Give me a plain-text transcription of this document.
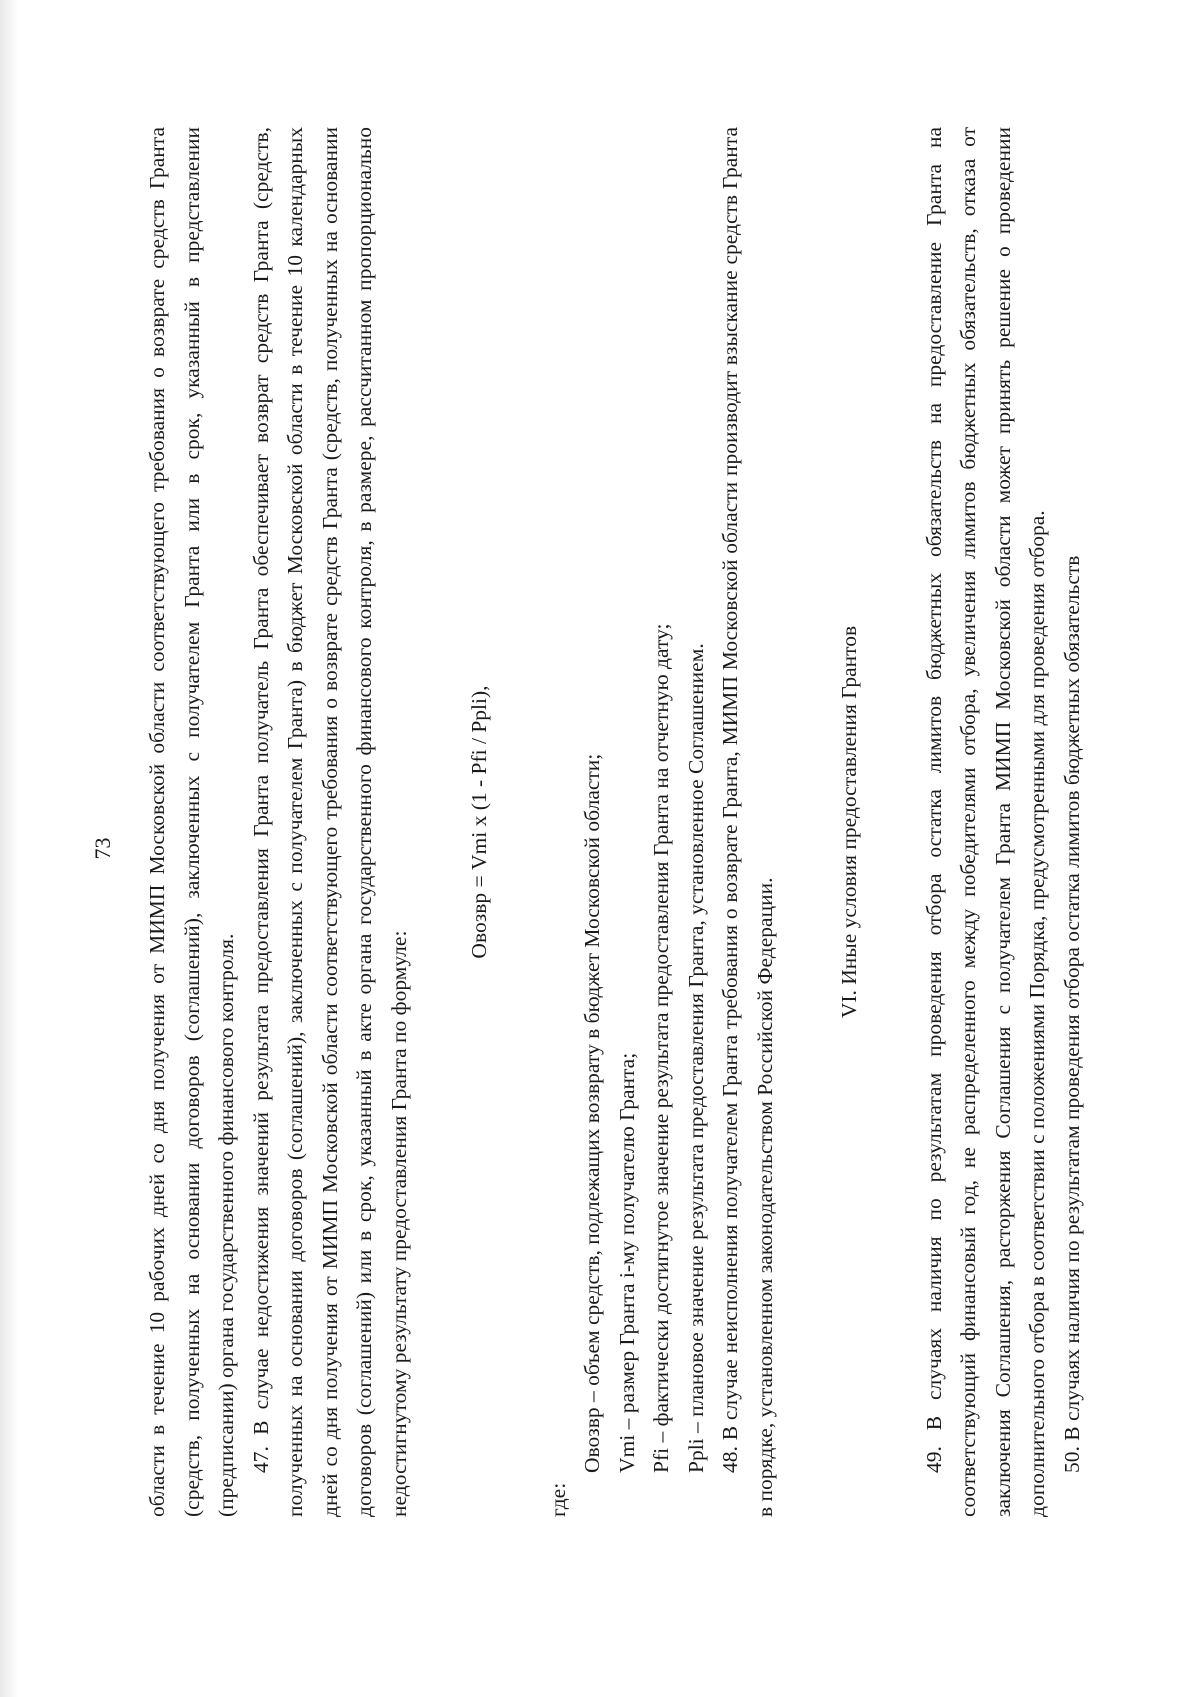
73 области в течение 10 рабочих дней со дня получения от МИМП Московской области соответствующего требования о возврате средств Гранта (средств, полученных на основании договоров (соглашений), заключенных с получателем Гранта или в срок, указанный в представлении (предписании) органа государственного финансового контроля. 47. В случае недостижения значений результата предоставления Гранта получатель Гранта обеспечивает возврат средств Гранта (средств, полученных на основании договоров (соглашений), заключенных с получателем Гранта) в бюджет Московской области в течение 10 календарных дней со дня получения от МИМП Московской области соответствующего требования о возврате средств Гранта (средств, полученных на основании договоров (соглашений) или в срок, указанный в акте органа государственного финансового контроля, в размере, рассчитанном пропорционально недостигнутому результату предоставления Гранта по формуле:

Овозвр = Vmi x (1 - Pfi / Ppli),

где:

Овозвр – объем средств, подлежащих возврату в бюджет Московской области; Vmi – размер Гранта i-му получателю Гранта; Pfi – фактически достигнутое значение результата предоставления Гранта на отчетную дату; Ppli – плановое значение результата предоставления Гранта, установленное Соглашением. 48. В случае неисполнения получателем Гранта требования о возврате Гранта, МИМП Московской области производит взыскание средств Гранта в порядке, установленном законодательством Российской Федерации.

VI. Иные условия предоставления Грантов	49. В случаях наличия по результатам проведения отбора остатка лимитов бюджетных обязательств на предоставление Гранта на соответствующий финансовый год, не распределенного между победителями отбора, увеличения лимитов бюджетных обязательств, отказа от заключения Соглашения, расторжения Соглашения с получателем Гранта МИМП Московской области может принять решение о проведении дополнительного отбора в соответствии с положениями Порядка, предусмотренными для проведения отбора. 50. В случаях наличия по результатам проведения отбора остатка лимитов бюджетных обязательств
